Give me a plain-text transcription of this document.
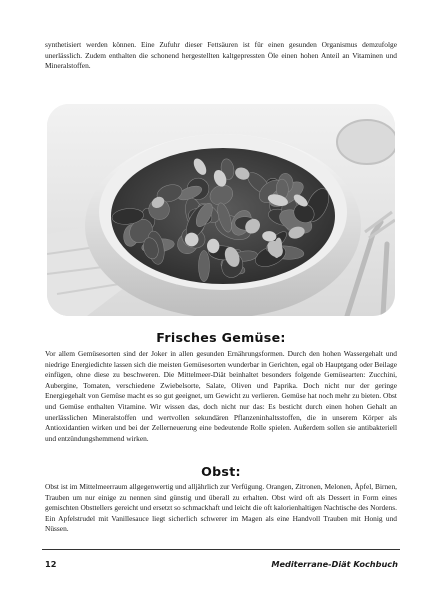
synthetisiert werden können. Eine Zufuhr dieser Fettsäuren ist für einen gesunden Organismus demzufolge unerlässlich. Zudem enthalten die schonend hergestellten kaltgepressten Öle einen hohen Anteil an Vitaminen und Mineralstoffen.

Frisches Gemüse:

Vor allem Gemüsesorten sind der Joker in allen gesunden Ernährungsformen. Durch den hohen Wassergehalt und niedrige Energiedichte lassen sich die meisten Gemüsesorten wunderbar in Gerichten, egal ob Hauptgang oder Beilage einfügen, ohne diese zu beschweren. Die Mittelmeer-Diät beinhaltet besonders folgende Gemüsearten: Zucchini, Aubergine, Tomaten, verschiedene Zwiebelsorte, Salate, Oliven und Paprika. Doch nicht nur der geringe Energiegehalt von Gemüse macht es so gut geeignet, um Gewicht zu verlieren. Gemüse hat noch mehr zu bieten. Obst und Gemüse enthalten Vitamine. Wir wissen das, doch nicht nur das: Es besticht durch einen hohen Gehalt an unerlässlichen Mineralstoffen und wertvollen sekundären Pflanzeninhaltsstoffen, die in unserem Körper als Antioxidantien wirken und bei der Zellerneuerung eine bedeutende Rolle spielen. Außerdem sollen sie antibakteriell und entzündungshemmend wirken.

Obst:

Obst ist im Mittelmeerraum allgegenwertig und alljährlich zur Verfügung. Orangen, Zitronen, Melonen, Äpfel, Birnen, Trauben um nur einige zu nennen sind günstig und überall zu erhalten. Obst wird oft als Dessert in Form eines gemischten Obsttellers gereicht und ersetzt so schmackhaft und leicht die oft kalorienhaltigen Nachtische des Nordens. Ein Apfelstrudel mit Vanillesauce liegt sicherlich schwerer im Magen als eine Handvoll Trauben mit Honig und Nüssen.

12	Mediterrane-Diät Kochbuch
